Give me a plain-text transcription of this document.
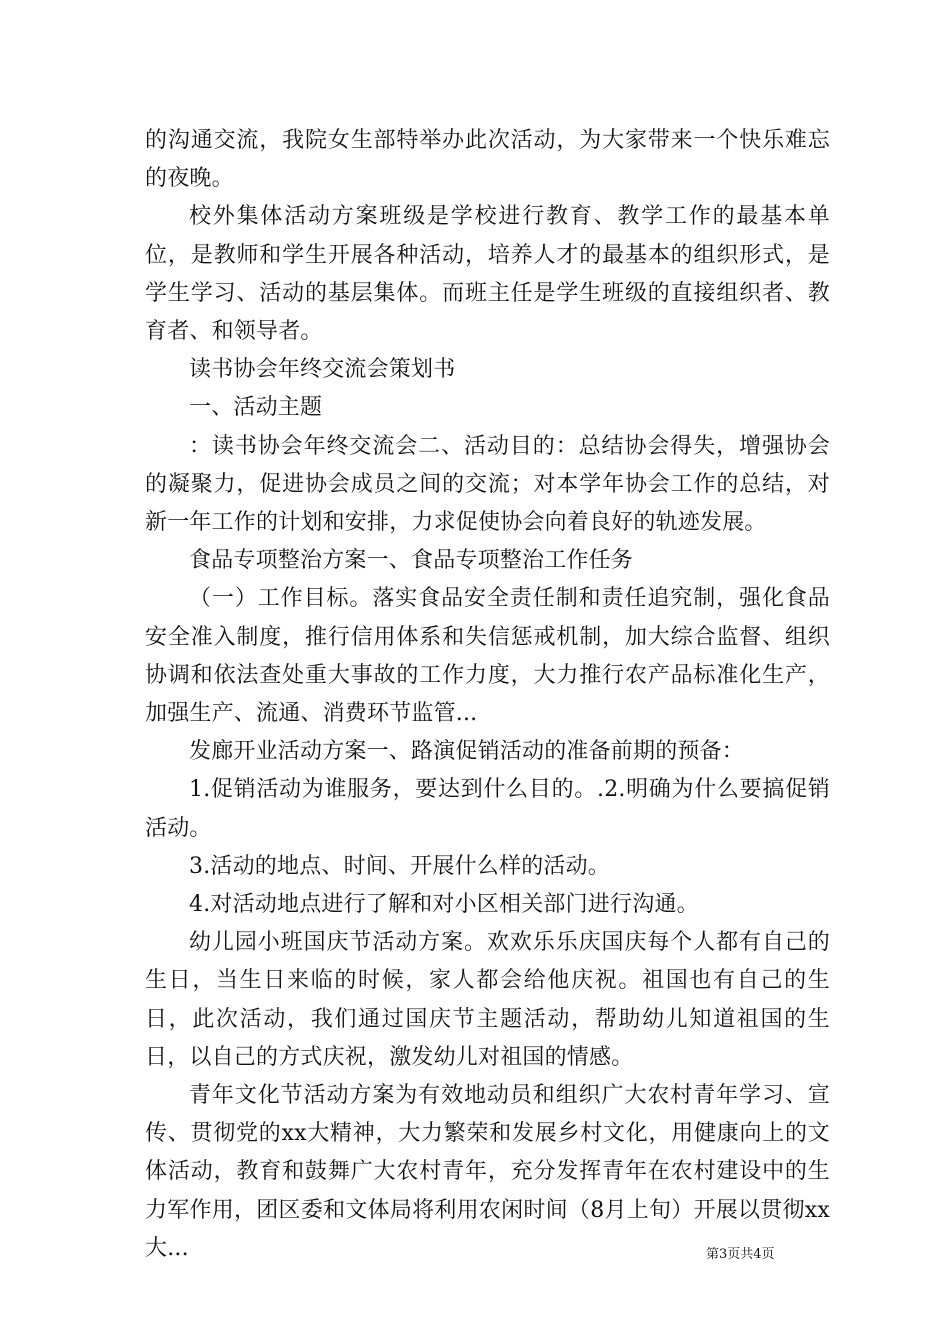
的沟通交流，我院女生部特举办此次活动，为大家带来一个快乐难忘的夜晚。

校外集体活动方案班级是学校进行教育、教学工作的最基本单位，是教师和学生开展各种活动，培养人才的最基本的组织形式，是学生学习、活动的基层集体。而班主任是学生班级的直接组织者、教育者、和领导者。

读书协会年终交流会策划书

一、活动主题

：读书协会年终交流会二、活动目的：总结协会得失，增强协会的凝聚力，促进协会成员之间的交流；对本学年协会工作的总结，对新一年工作的计划和安排，力求促使协会向着良好的轨迹发展。

食品专项整治方案一、食品专项整治工作任务

（一）工作目标。落实食品安全责任制和责任追究制，强化食品安全准入制度，推行信用体系和失信惩戒机制，加大综合监督、组织协调和依法查处重大事故的工作力度，大力推行农产品标准化生产，加强生产、流通、消费环节监管...

发廊开业活动方案一、路演促销活动的准备前期的预备：

1.促销活动为谁服务，要达到什么目的。.2.明确为什么要搞促销活动。

3.活动的地点、时间、开展什么样的活动。

4.对活动地点进行了解和对小区相关部门进行沟通。

幼儿园小班国庆节活动方案。欢欢乐乐庆国庆每个人都有自己的生日，当生日来临的时候，家人都会给他庆祝。祖国也有自己的生日，此次活动，我们通过国庆节主题活动，帮助幼儿知道祖国的生日，以自己的方式庆祝，激发幼儿对祖国的情感。

青年文化节活动方案为有效地动员和组织广大农村青年学习、宣传、贯彻党的xx大精神，大力繁荣和发展乡村文化，用健康向上的文体活动，教育和鼓舞广大农村青年，充分发挥青年在农村建设中的生力军作用，团区委和文体局将利用农闲时间（8月上旬）开展以贯彻xx大...	第3页共4页
